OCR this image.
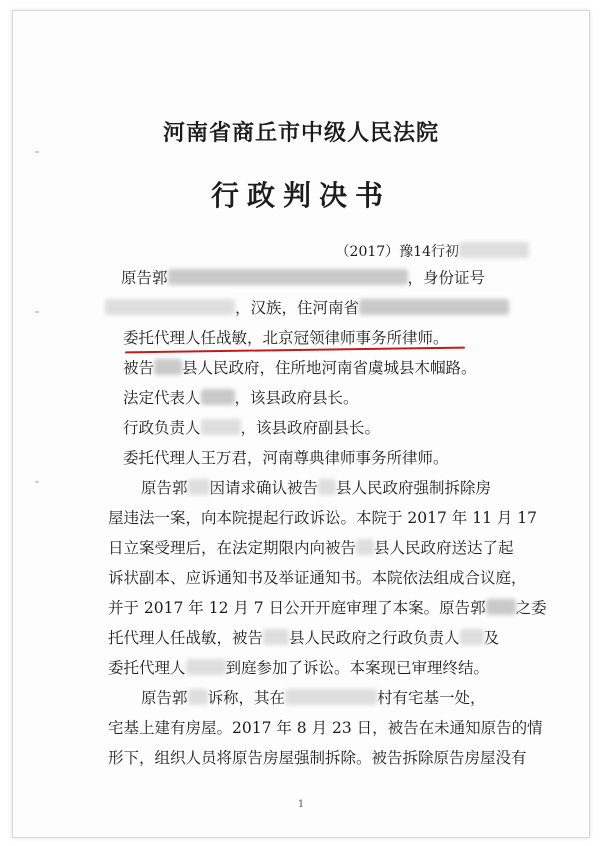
河南省商丘市中级人民法院
行政判决书
（2017）豫14行初
原告郭	，身份证号
，汉族，住河南省
委托代理人任战敏，北京冠领律师事务所律师。
被告 县人民政府，住所地河南省虞城县木帼路。
法定代表人 ，该县政府县长。
行政负责人	，该县政府副县长。
委托代理人王万君，河南尊典律师事务所律师。
原告郭 因请求确认被告 县人民政府强制拆除房
屋违法一案，向本院提起行政诉讼。本院于 2017 年 11 月 17
日立案受理后，在法定期限内向被告 县人民政府送达了起
诉状副本、应诉通知书及举证通知书。本院依法组成合议庭，
并于 2017 年 12 月 7 日公开开庭审理了本案。原告郭 之委
托代理人任战敏，被告 县人民政府之行政负责人 及
委托代理人	到庭参加了诉讼。本案现已审理终结。
原告郭 诉称，其在	村有宅基一处，
宅基上建有房屋。2017 年 8 月 23 日，被告在未通知原告的情
形下，组织人员将原告房屋强制拆除。被告拆除原告房屋没有
1
